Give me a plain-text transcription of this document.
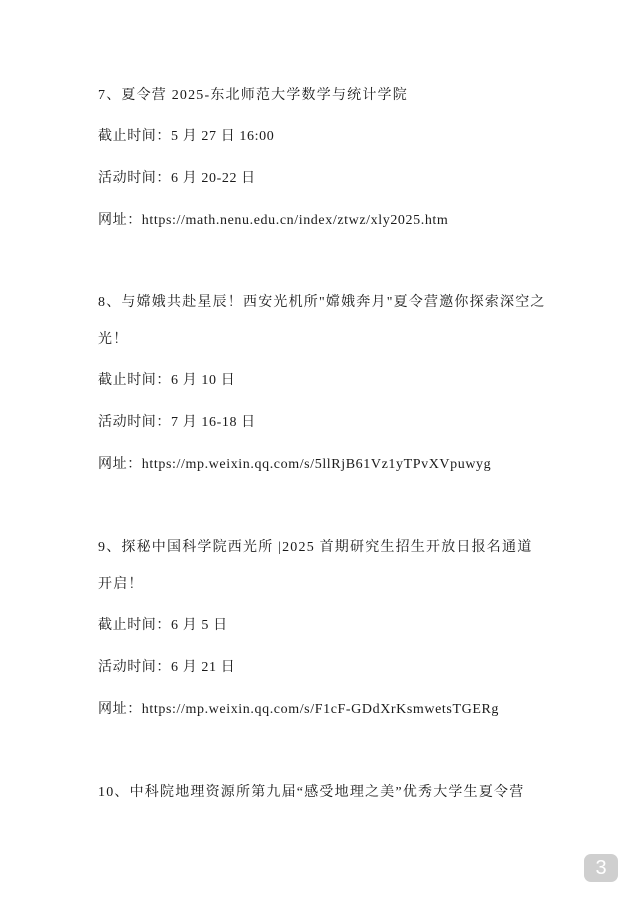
7、夏令营 2025-东北师范大学数学与统计学院
截止时间：5 月 27 日 16:00
活动时间：6 月 20-22 日
网址：https://math.nenu.edu.cn/index/ztwz/xly2025.htm
8、与嫦娥共赴星辰！西安光机所"嫦娥奔月"夏令营邀你探索深空之
光！
截止时间：6 月 10 日
活动时间：7 月 16-18 日
网址：https://mp.weixin.qq.com/s/5llRjB61Vz1yTPvXVpuwyg
9、探秘中国科学院西光所 |2025 首期研究生招生开放日报名通道
开启！
截止时间：6 月 5 日
活动时间：6 月 21 日
网址：https://mp.weixin.qq.com/s/F1cF-GDdXrKsmwetsTGERg
10、中科院地理资源所第九届“感受地理之美”优秀大学生夏令营
3
